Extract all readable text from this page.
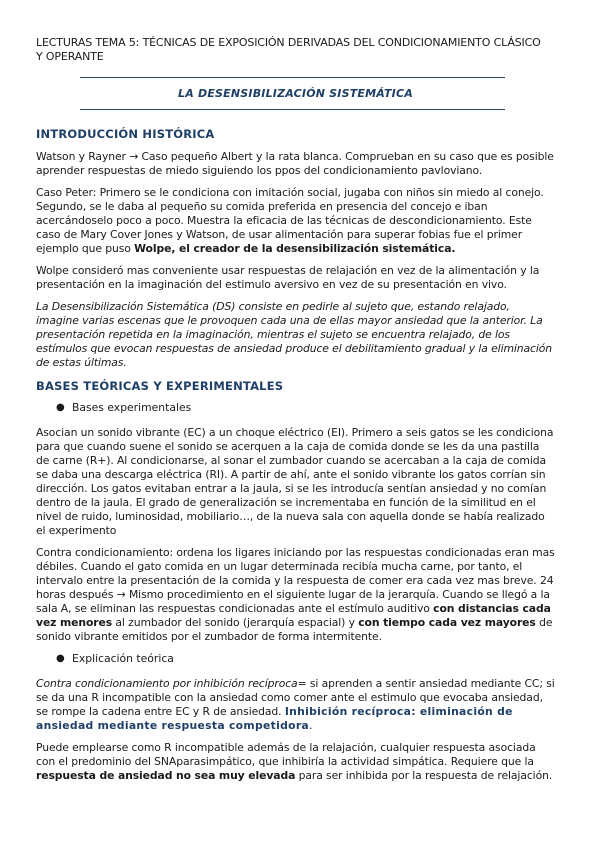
LECTURAS TEMA 5: TÉCNICAS DE EXPOSICIÓN DERIVADAS DEL CONDICIONAMIENTO CLÁSICO

Y OPERANTE

LA DESENSIBILIZACIÓN SISTEMÁTICA
INTRODUCCIÓN HISTÓRICA

Watson y Rayner → Caso pequeño Albert y la rata blanca. Comprueban en su caso que es posible aprender respuestas de miedo siguiendo los ppos del condicionamiento pavloviano.

Caso Peter: Primero se le condiciona con imitación social, jugaba con niños sin miedo al conejo. Segundo, se le daba al pequeño su comida preferida en presencia del concejo e iban acercándoselo poco a poco. Muestra la eficacia de las técnicas de descondicionamiento. Este caso de Mary Cover Jones y Watson, de usar alimentación para superar fobias fue el primer ejemplo que puso Wolpe, el creador de la desensibilización sistemática.

Wolpe consideró mas conveniente usar respuestas de relajación en vez de la alimentación y la presentación en la imaginación del estimulo aversivo en vez de su presentación en vivo.

La Desensibilización Sistemática (DS) consiste en pedirle al sujeto que, estando relajado, imagine varias escenas que le provoquen cada una de ellas mayor ansiedad que la anterior. La presentación repetida en la imaginación, mientras el sujeto se encuentra relajado, de los estímulos que evocan respuestas de ansiedad produce el debilitamiento gradual y la eliminación de estas últimas.

BASES TEÓRICAS Y EXPERIMENTALES
● Bases experimentales

Asocian un sonido vibrante (EC) a un choque eléctrico (EI). Primero a seis gatos se les condiciona para que cuando suene el sonido se acerquen a la caja de comida donde se les da una pastilla de carne (R+). Al condicionarse, al sonar el zumbador cuando se acercaban a la caja de comida se daba una descarga eléctrica (RI). A partir de ahí, ante el sonido vibrante los gatos corrían sin dirección. Los gatos evitaban entrar a la jaula, si se les introducía sentían ansiedad y no comían dentro de la jaula. El grado de generalización se incrementaba en función de la similitud en el nivel de ruido, luminosidad, mobiliario…, de la nueva sala con aquella donde se había realizado el experimento

Contra condicionamiento: ordena los ligares iniciando por las respuestas condicionadas eran mas débiles. Cuando el gato comida en un lugar determinada recibía mucha carne, por tanto, el intervalo entre la presentación de la comida y la respuesta de comer era cada vez mas breve. 24 horas después → Mismo procedimiento en el siguiente lugar de la jerarquía. Cuando se llegó a la sala A, se eliminan las respuestas condicionadas ante el estímulo auditivo con distancias cada vez menores al zumbador del sonido (jerarquía espacial) y con tiempo cada vez mayores de sonido vibrante emitidos por el zumbador de forma intermitente.

● Explicación teórica

Contra condicionamiento por inhibición recíproca= si aprenden a sentir ansiedad mediante CC; si se da una R incompatible con la ansiedad como comer ante el estimulo que evocaba ansiedad, se rompe la cadena entre EC y R de ansiedad. Inhibición recíproca: eliminación de ansiedad mediante respuesta competidora.

Puede emplearse como R incompatible además de la relajación, cualquier respuesta asociada con el predominio del SNAparasimpático, que inhibiría la actividad simpática. Requiere que la respuesta de ansiedad no sea muy elevada para ser inhibida por la respuesta de relajación.
